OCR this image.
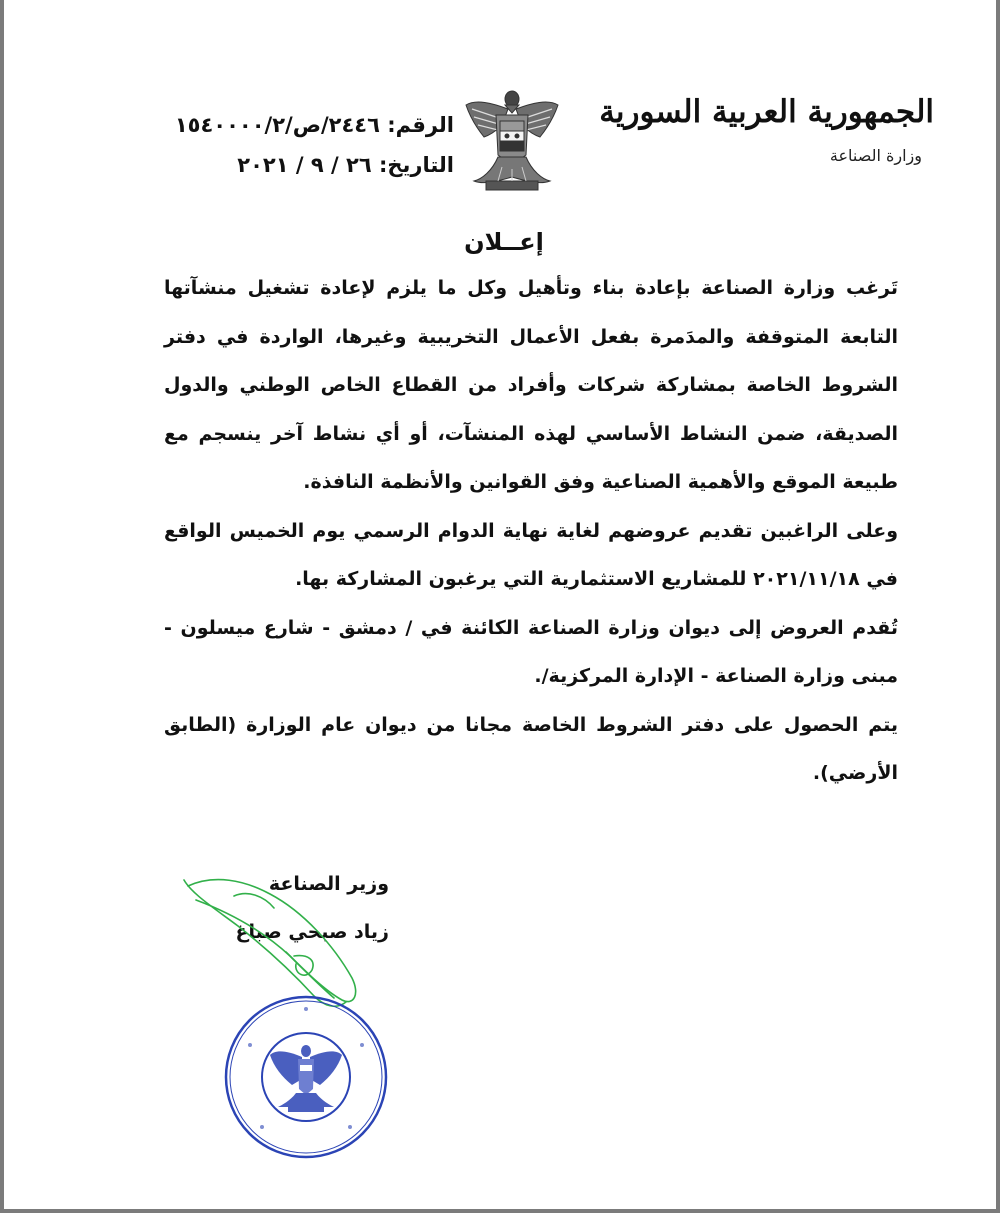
الرقم: ٢٤٤٦/ص/١٥٤٠٠٠٠/٢
التاريخ: ٢٦ / ٩ / ٢٠٢١
الجمهورية العربية السورية
وزارة الصناعة
إعــلان

تَرغب وزارة الصناعة بإعادة بناء وتأهيل وكل ما يلزم لإعادة تشغيل منشآتها التابعة المتوقفة والمدَمرة بفعل الأعمال التخريبية وغيرها، الواردة في دفتر الشروط الخاصة بمشاركة شركات وأفراد من القطاع الخاص الوطني والدول الصديقة، ضمن النشاط الأساسي لهذه المنشآت، أو أي نشاط آخر ينسجم مع طبيعة الموقع والأهمية الصناعية وفق القوانين والأنظمة النافذة.

وعلى الراغبين تقديم عروضهم لغاية نهاية الدوام الرسمي يوم الخميس الواقع في ٢٠٢١/١١/١٨ للمشاريع الاستثمارية التي يرغبون المشاركة بها.

تُقدم العروض إلى ديوان وزارة الصناعة الكائنة في / دمشق - شارع ميسلون - مبنى وزارة الصناعة - الإدارة المركزية/.

يتم الحصول على دفتر الشروط الخاصة مجانا من ديوان عام الوزارة (الطابق الأرضي).

وزير الصناعة
زياد صبحي صباغ
